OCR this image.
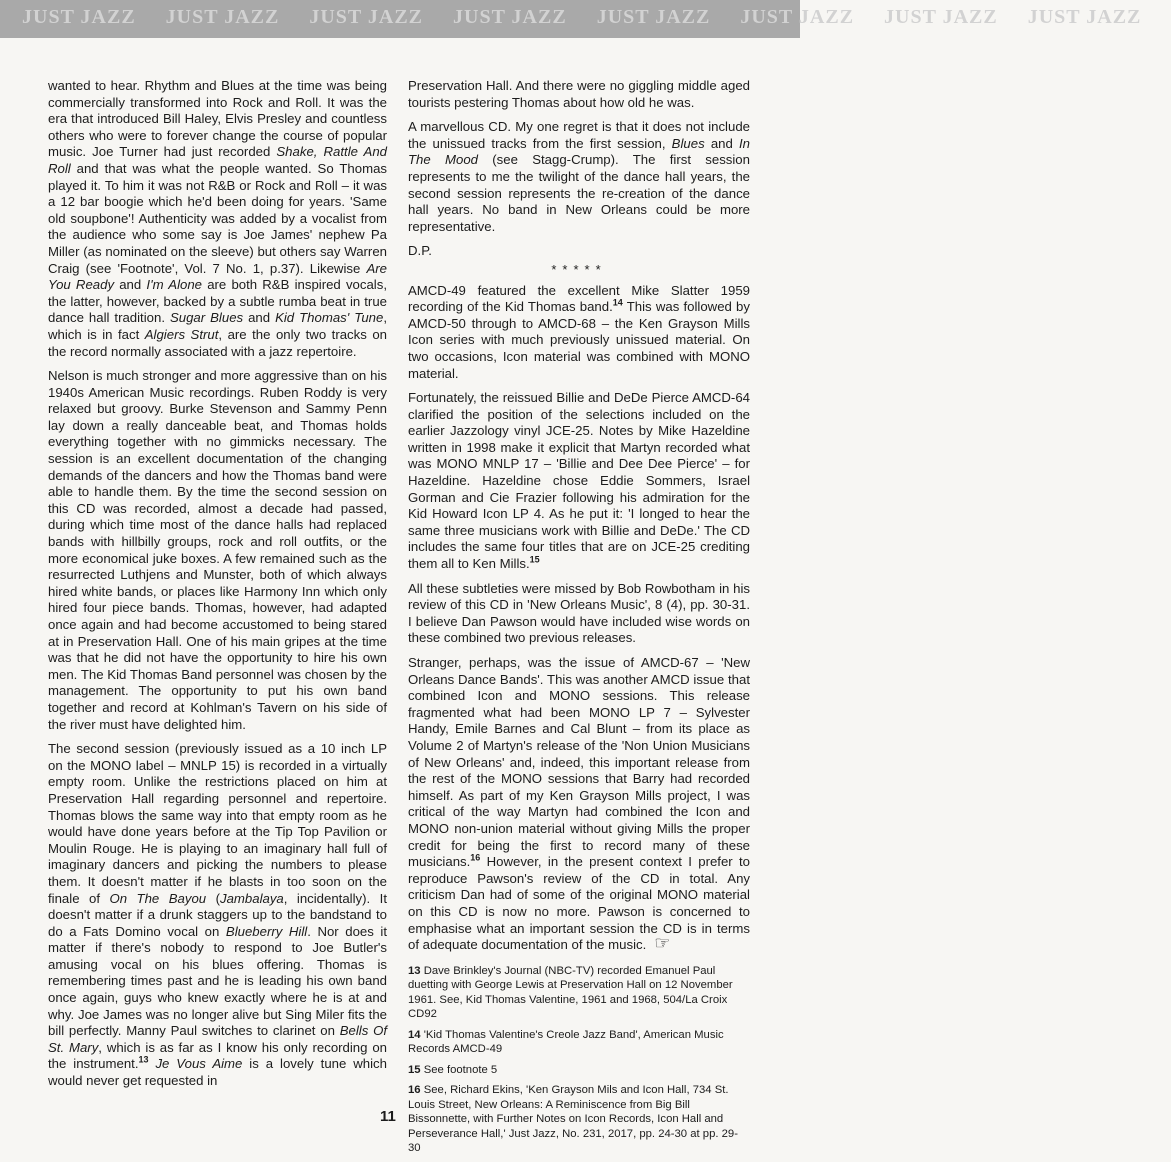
JUST JAZZ JUST JAZZ JUST JAZZ JUST JAZZ JUST JAZZ JUST JAZZ JUST JAZZ JUST JAZZ

wanted to hear. Rhythm and Blues at the time was being commercially transformed into Rock and Roll. It was the era that introduced Bill Haley, Elvis Presley and countless others who were to forever change the course of popular music. Joe Turner had just recorded Shake, Rattle And Roll and that was what the people wanted. So Thomas played it. To him it was not R&B or Rock and Roll – it was a 12 bar boogie which he'd been doing for years. 'Same old soupbone'! Authenticity was added by a vocalist from the audience who some say is Joe James' nephew Pa Miller (as nominated on the sleeve) but others say Warren Craig (see 'Footnote', Vol. 7 No. 1, p.37). Likewise Are You Ready and I'm Alone are both R&B inspired vocals, the latter, however, backed by a subtle rumba beat in true dance hall tradition. Sugar Blues and Kid Thomas' Tune, which is in fact Algiers Strut, are the only two tracks on the record normally associated with a jazz repertoire.

Nelson is much stronger and more aggressive than on his 1940s American Music recordings. Ruben Roddy is very relaxed but groovy. Burke Stevenson and Sammy Penn lay down a really danceable beat, and Thomas holds everything together with no gimmicks necessary. The session is an excellent documentation of the changing demands of the dancers and how the Thomas band were able to handle them. By the time the second session on this CD was recorded, almost a decade had passed, during which time most of the dance halls had replaced bands with hillbilly groups, rock and roll outfits, or the more economical juke boxes. A few remained such as the resurrected Luthjens and Munster, both of which always hired white bands, or places like Harmony Inn which only hired four piece bands. Thomas, however, had adapted once again and had become accustomed to being stared at in Preservation Hall. One of his main gripes at the time was that he did not have the opportunity to hire his own men. The Kid Thomas Band personnel was chosen by the management. The opportunity to put his own band together and record at Kohlman's Tavern on his side of the river must have delighted him.

The second session (previously issued as a 10 inch LP on the MONO label – MNLP 15) is recorded in a virtually empty room. Unlike the restrictions placed on him at Preservation Hall regarding personnel and repertoire. Thomas blows the same way into that empty room as he would have done years before at the Tip Top Pavilion or Moulin Rouge. He is playing to an imaginary hall full of imaginary dancers and picking the numbers to please them. It doesn't matter if he blasts in too soon on the finale of On The Bayou (Jambalaya, incidentally). It doesn't matter if a drunk staggers up to the bandstand to do a Fats Domino vocal on Blueberry Hill. Nor does it matter if there's nobody to respond to Joe Butler's amusing vocal on his blues offering. Thomas is remembering times past and he is leading his own band once again, guys who knew exactly where he is at and why. Joe James was no longer alive but Sing Miler fits the bill perfectly. Manny Paul switches to clarinet on Bells Of St. Mary, which is as far as I know his only recording on the instrument.$^{13}$ Je Vous Aime is a lovely tune which would never get requested in

Preservation Hall. And there were no giggling middle aged tourists pestering Thomas about how old he was.

A marvellous CD. My one regret is that it does not include the unissued tracks from the first session, Blues and In The Mood (see Stagg-Crump). The first session represents to me the twilight of the dance hall years, the second session represents the re-creation of the dance hall years. No band in New Orleans could be more representative.

D.P.

*****

AMCD-49 featured the excellent Mike Slatter 1959 recording of the Kid Thomas band.$^{14}$ This was followed by AMCD-50 through to AMCD-68 – the Ken Grayson Mills Icon series with much previously unissued material. On two occasions, Icon material was combined with MONO material.

Fortunately, the reissued Billie and DeDe Pierce AMCD-64 clarified the position of the selections included on the earlier Jazzology vinyl JCE-25. Notes by Mike Hazeldine written in 1998 make it explicit that Martyn recorded what was MONO MNLP 17 – 'Billie and Dee Dee Pierce' – for Hazeldine. Hazeldine chose Eddie Sommers, Israel Gorman and Cie Frazier following his admiration for the Kid Howard Icon LP 4. As he put it: 'I longed to hear the same three musicians work with Billie and DeDe.' The CD includes the same four titles that are on JCE-25 crediting them all to Ken Mills.$^{15}$

All these subtleties were missed by Bob Rowbotham in his review of this CD in 'New Orleans Music', 8 (4), pp. 30-31. I believe Dan Pawson would have included wise words on these combined two previous releases.

Stranger, perhaps, was the issue of AMCD-67 – 'New Orleans Dance Bands'. This was another AMCD issue that combined Icon and MONO sessions. This release fragmented what had been MONO LP 7 – Sylvester Handy, Emile Barnes and Cal Blunt – from its place as Volume 2 of Martyn's release of the 'Non Union Musicians of New Orleans' and, indeed, this important release from the rest of the MONO sessions that Barry had recorded himself. As part of my Ken Grayson Mills project, I was critical of the way Martyn had combined the Icon and MONO non-union material without giving Mills the proper credit for being the first to record many of these musicians.$^{16}$ However, in the present context I prefer to reproduce Pawson's review of the CD in total. Any criticism Dan had of some of the original MONO material on this CD is now no more. Pawson is concerned to emphasise what an important session the CD is in terms of adequate documentation of the music. ☞

13 Dave Brinkley's Journal (NBC-TV) recorded Emanuel Paul duetting with George Lewis at Preservation Hall on 12 November 1961. See, Kid Thomas Valentine, 1961 and 1968, 504/La Croix CD92

14 'Kid Thomas Valentine's Creole Jazz Band', American Music Records AMCD-49

15 See footnote 5

16 See, Richard Ekins, 'Ken Grayson Mils and Icon Hall, 734 St. Louis Street, New Orleans: A Reminiscence from Big Bill Bissonnette, with Further Notes on Icon Records, Icon Hall and Perseverance Hall,' Just Jazz, No. 231, 2017, pp. 24-30 at pp. 29-30

11
